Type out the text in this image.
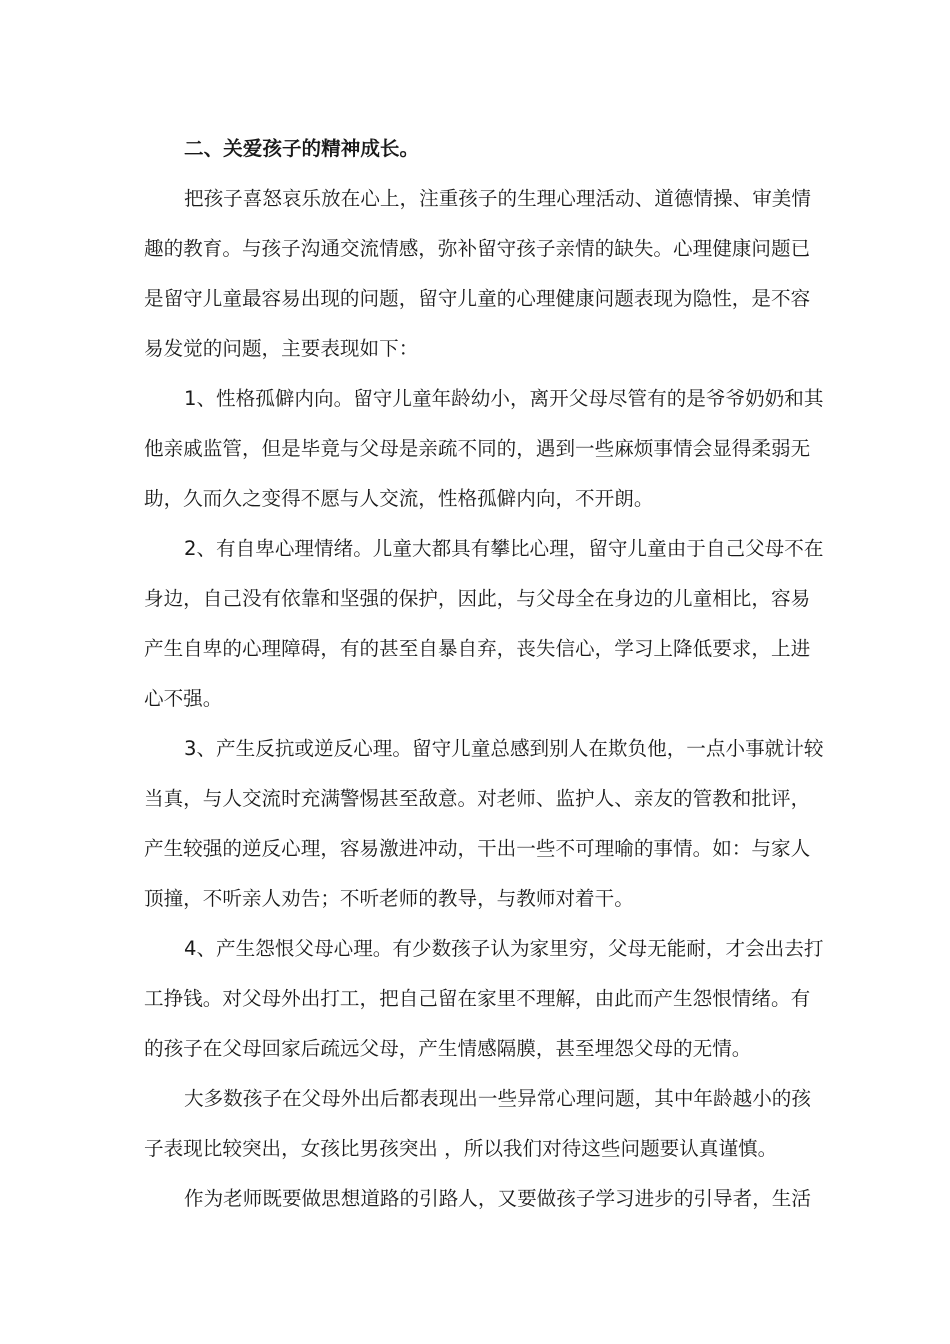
二、关爱孩子的精神成长。
把孩子喜怒哀乐放在心上，注重孩子的生理心理活动、道德情操、审美情
趣的教育。与孩子沟通交流情感，弥补留守孩子亲情的缺失。心理健康问题已
是留守儿童最容易出现的问题，留守儿童的心理健康问题表现为隐性，是不容
易发觉的问题，主要表现如下：
1、性格孤僻内向。留守儿童年龄幼小，离开父母尽管有的是爷爷奶奶和其
他亲戚监管，但是毕竟与父母是亲疏不同的，遇到一些麻烦事情会显得柔弱无
助，久而久之变得不愿与人交流，性格孤僻内向，不开朗。
2、有自卑心理情绪。儿童大都具有攀比心理，留守儿童由于自己父母不在
身边，自己没有依靠和坚强的保护，因此，与父母全在身边的儿童相比，容易
产生自卑的心理障碍，有的甚至自暴自弃，丧失信心，学习上降低要求，上进
心不强。
3、产生反抗或逆反心理。留守儿童总感到别人在欺负他，一点小事就计较
当真，与人交流时充满警惕甚至敌意。对老师、监护人、亲友的管教和批评，
产生较强的逆反心理，容易激进冲动，干出一些不可理喻的事情。如：与家人
顶撞，不听亲人劝告；不听老师的教导，与教师对着干。
4、产生怨恨父母心理。有少数孩子认为家里穷，父母无能耐，才会出去打
工挣钱。对父母外出打工，把自己留在家里不理解，由此而产生怨恨情绪。有
的孩子在父母回家后疏远父母，产生情感隔膜，甚至埋怨父母的无情。
大多数孩子在父母外出后都表现出一些异常心理问题，其中年龄越小的孩
子表现比较突出，女孩比男孩突出 ，所以我们对待这些问题要认真谨慎。
作为老师既要做思想道路的引路人，又要做孩子学习进步的引导者，生活
